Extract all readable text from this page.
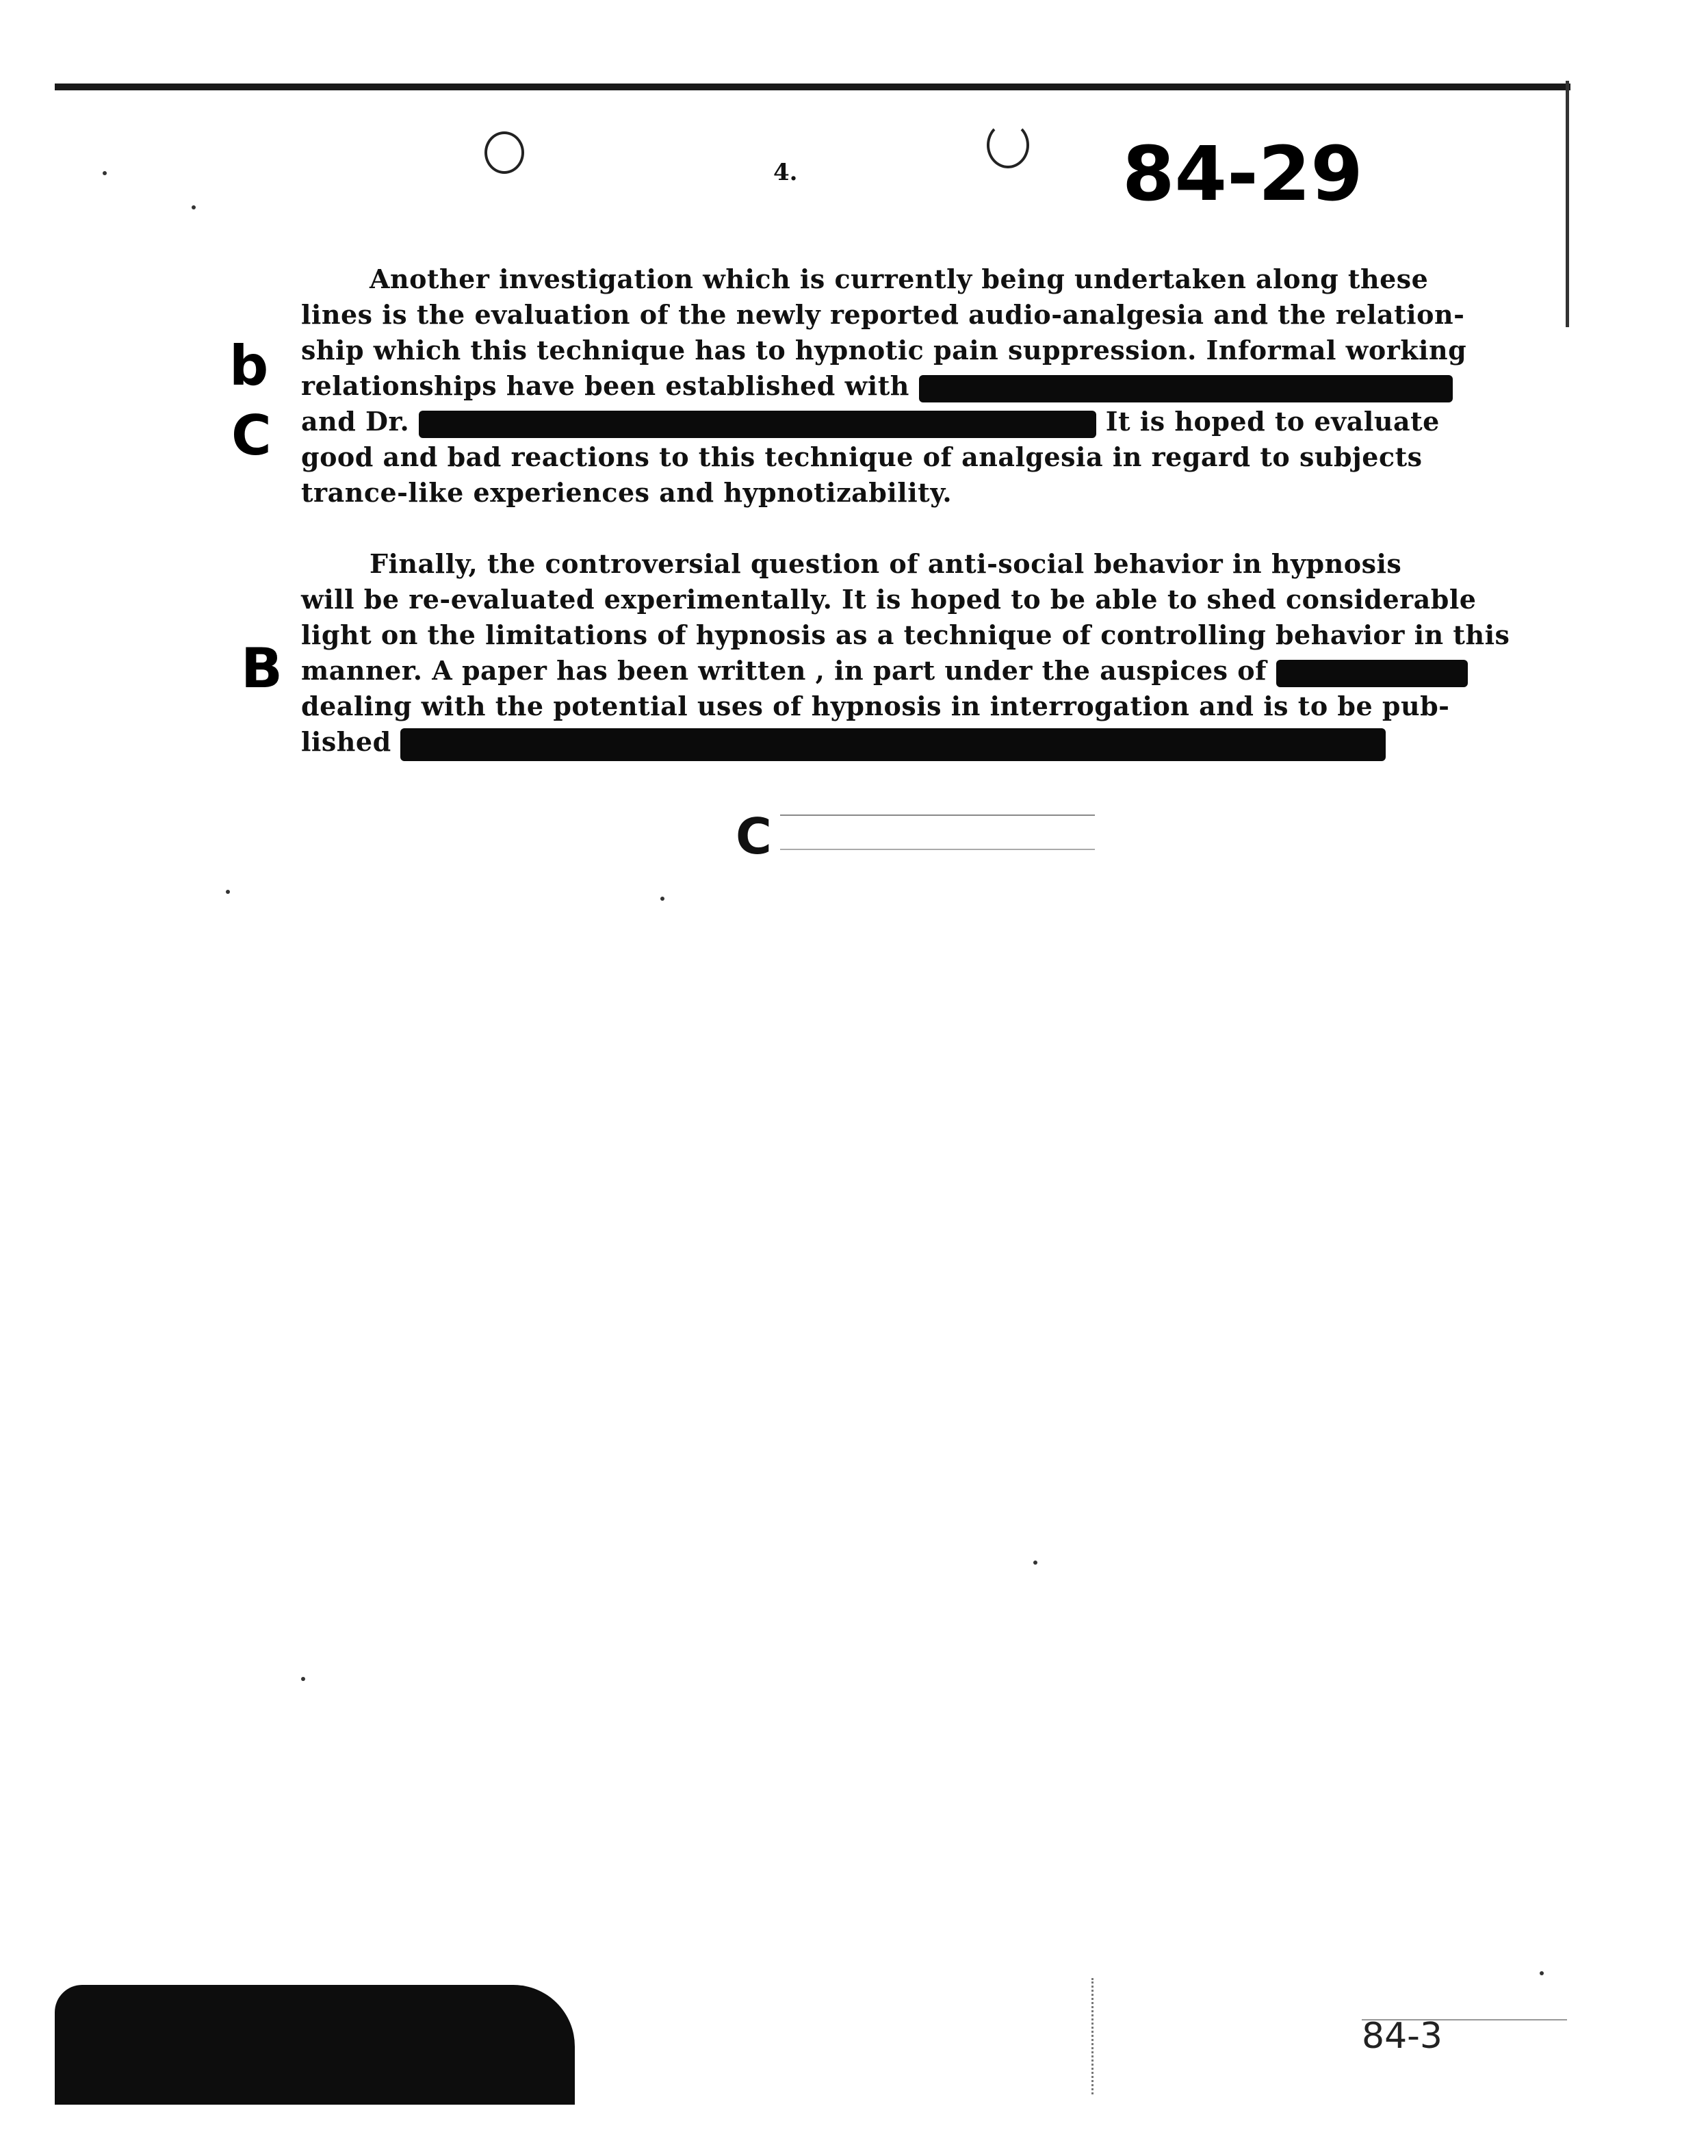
4.	84-29
b
C
B
Another investigation which is currently being undertaken along these
lines is the evaluation of the newly reported audio-analgesia and the relation-
ship which this technique has to hypnotic pain suppression. Informal working
relationships have been established with
and Dr.	It is hoped to evaluate
good and bad reactions to this technique of analgesia in regard to subjects
trance-like experiences and hypnotizability.
Finally, the controversial question of anti-social behavior in hypnosis
will be re-evaluated experimentally. It is hoped to be able to shed considerable
light on the limitations of hypnosis as a technique of controlling behavior in this
manner. A paper has been written , in part under the auspices of
dealing with the potential uses of hypnosis in interrogation and is to be pub-
lished
C
84-3
